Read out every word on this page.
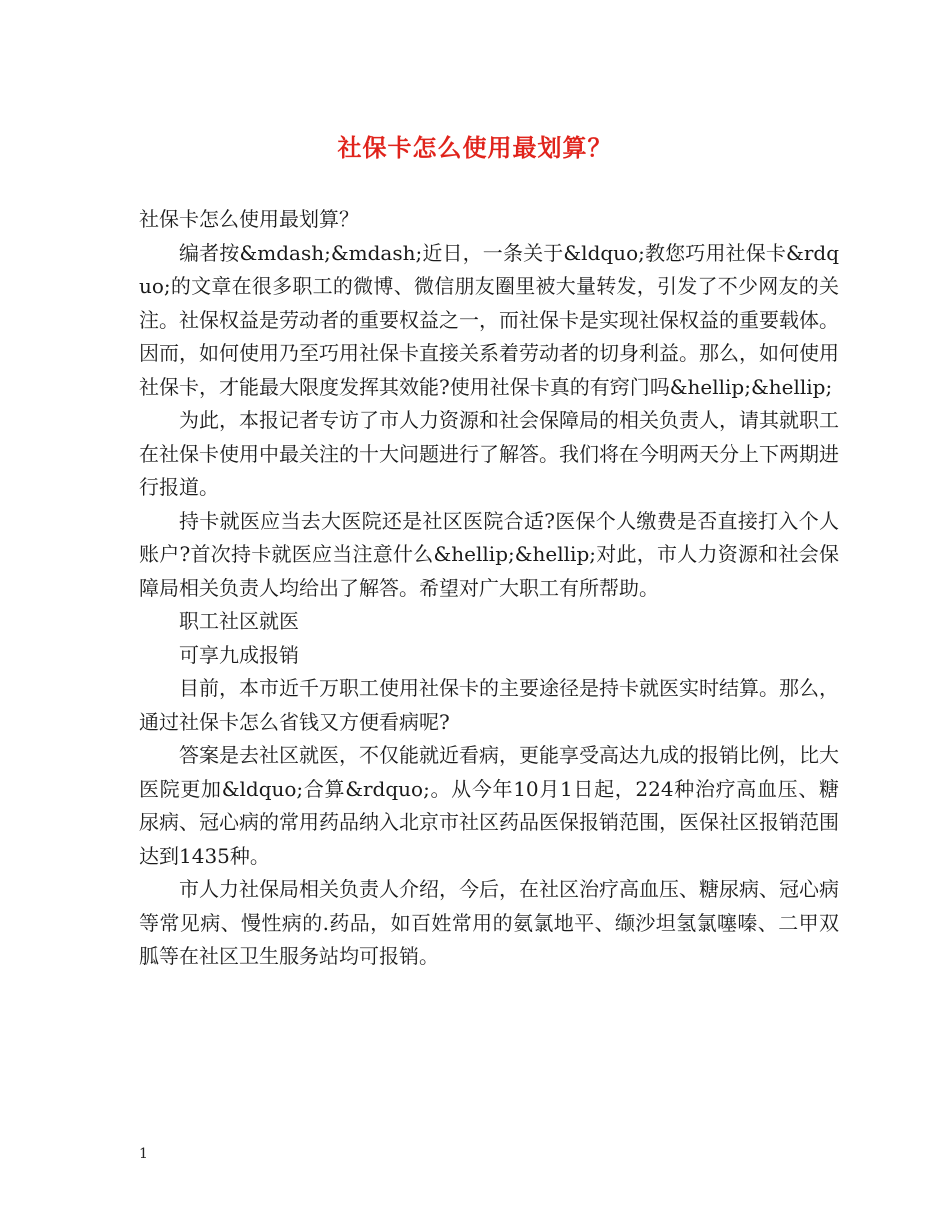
社保卡怎么使用最划算？

社保卡怎么使用最划算？

编者按&mdash;&mdash;近日，一条关于&ldquo;教您巧用社保卡&rdquo;的文章在很多职工的微博、微信朋友圈里被大量转发，引发了不少网友的关注。社保权益是劳动者的重要权益之一，而社保卡是实现社保权益的重要载体。因而，如何使用乃至巧用社保卡直接关系着劳动者的切身利益。那么，如何使用社保卡，才能最大限度发挥其效能?使用社保卡真的有窍门吗&hellip;&hellip;

为此，本报记者专访了市人力资源和社会保障局的相关负责人，请其就职工在社保卡使用中最关注的十大问题进行了解答。我们将在今明两天分上下两期进行报道。

持卡就医应当去大医院还是社区医院合适?医保个人缴费是否直接打入个人账户?首次持卡就医应当注意什么&hellip;&hellip;对此，市人力资源和社会保障局相关负责人均给出了解答。希望对广大职工有所帮助。

职工社区就医

可享九成报销

目前，本市近千万职工使用社保卡的主要途径是持卡就医实时结算。那么，通过社保卡怎么省钱又方便看病呢?

答案是去社区就医，不仅能就近看病，更能享受高达九成的报销比例，比大医院更加&ldquo;合算&rdquo;。从今年10月1日起，224种治疗高血压、糖尿病、冠心病的常用药品纳入北京市社区药品医保报销范围，医保社区报销范围达到1435种。

市人力社保局相关负责人介绍，今后，在社区治疗高血压、糖尿病、冠心病等常见病、慢性病的.药品，如百姓常用的氨氯地平、缬沙坦氢氯噻嗪、二甲双胍等在社区卫生服务站均可报销。

1
